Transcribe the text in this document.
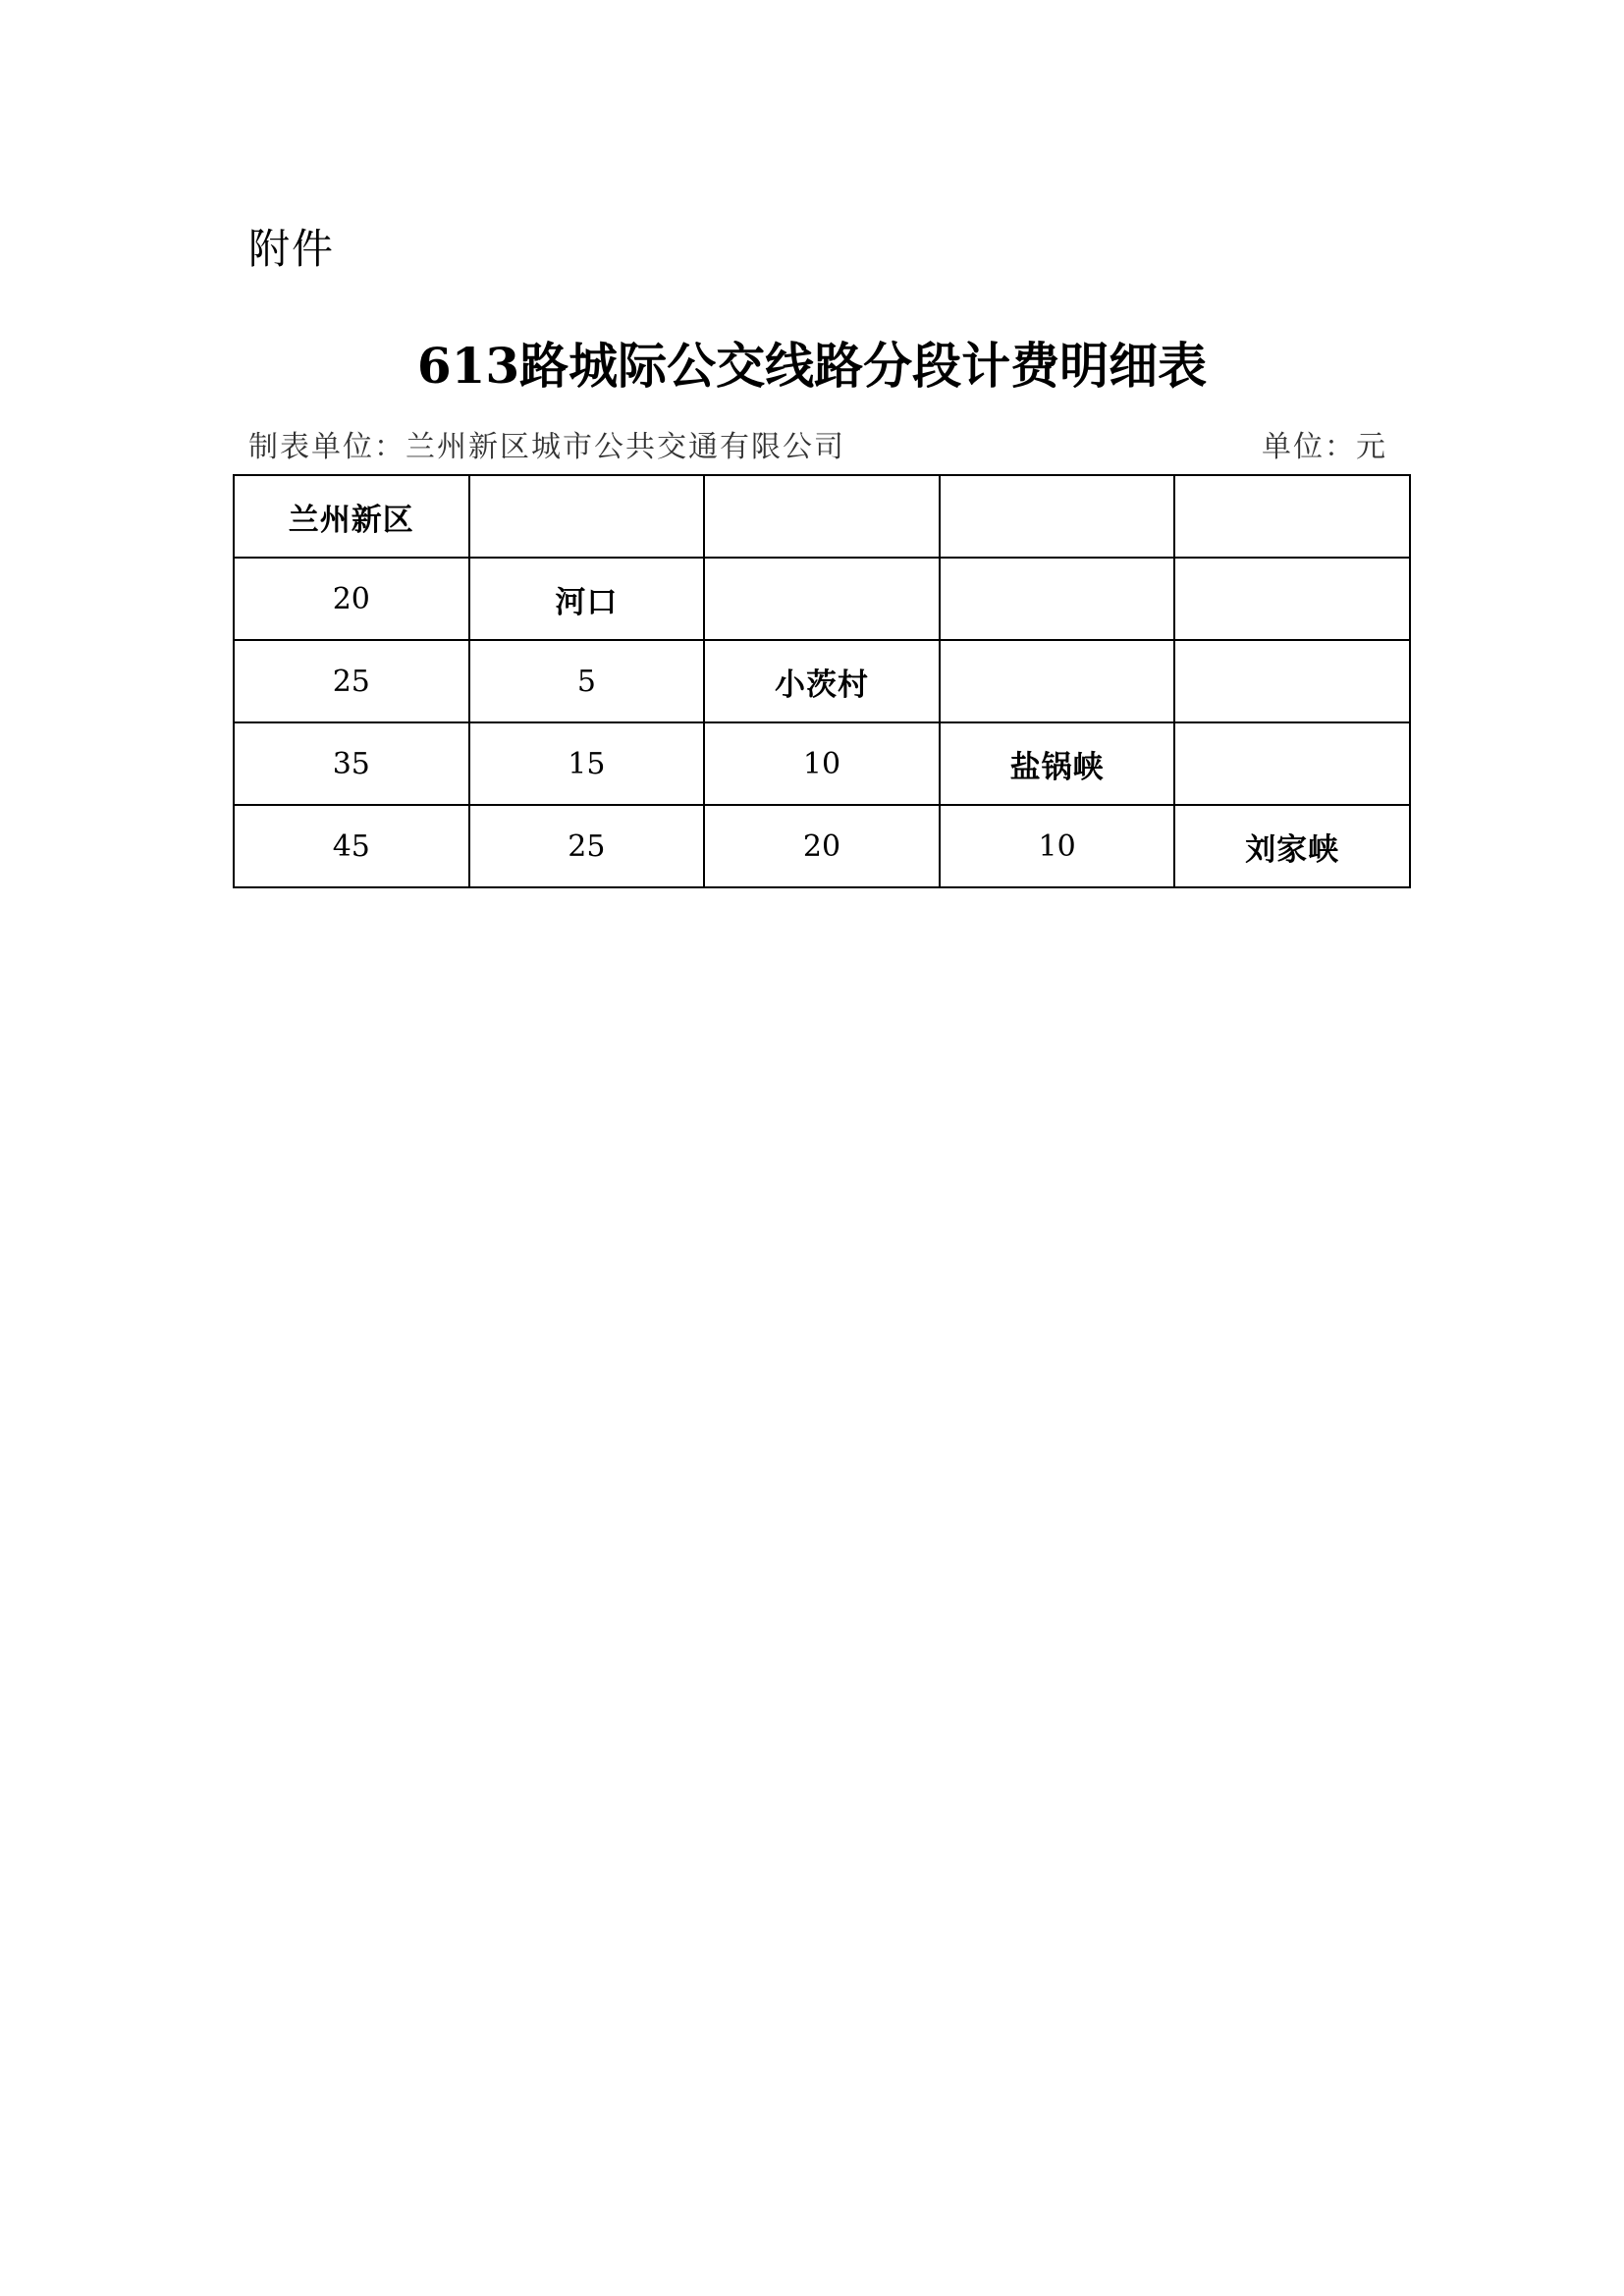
附件
613路城际公交线路分段计费明细表
制表单位：兰州新区城市公共交通有限公司	单位：元
兰州新区				
20	河口			
25	5	小茨村		
35	15	10	盐锅峡	
45	25	20	10	刘家峡
